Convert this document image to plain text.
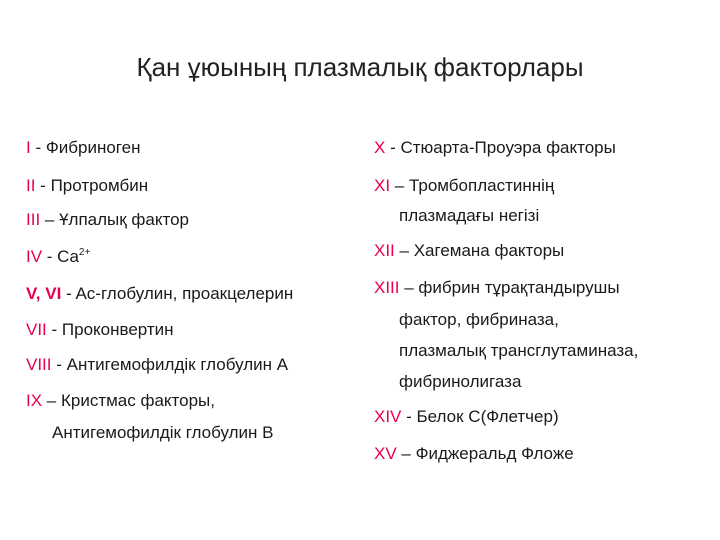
Қан ұюының плазмалық факторлары
I - Фибриноген
II - Протромбин
III – Ұлпалық фактор
IV - $Ca^{2+}$
V, VI - Ac-глобулин, проакцелерин
VII - Проконвертин
VIII - Антигемофилдік глобулин A
IX – Кристмас факторы,
Антигемофилдік глобулин B
X - Стюарта-Проуэра факторы
XI – Тромбопластиннің
плазмадағы негізі
XII – Хагемана факторы
XIII – фибрин тұрақтандырушы
фактор, фибриназа,
плазмалық трансглутаминаза,
фибринолигаза
XIV - Белок С(Флетчер)
XV – Фиджеральд Фложе
